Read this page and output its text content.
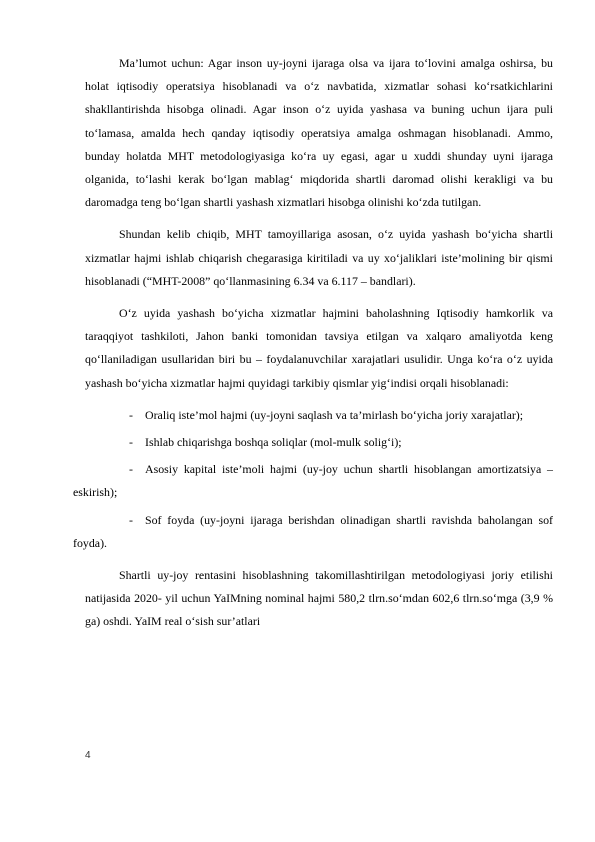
Ma’lumot uchun: Agar inson uy-joyni ijaraga olsa va ijara to‘lovini amalga oshirsa, bu holat iqtisodiy operatsiya hisoblanadi va o‘z navbatida, xizmatlar sohasi ko‘rsatkichlarini shakllantirishda hisobga olinadi. Agar inson o‘z uyida yashasa va buning uchun ijara puli to‘lamasa, amalda hech qanday iqtisodiy operatsiya amalga oshmagan hisoblanadi. Ammo, bunday holatda MHT metodologiyasiga ko‘ra uy egasi, agar u xuddi shunday uyni ijaraga olganida, to‘lashi kerak bo‘lgan mablag‘ miqdorida shartli daromad olishi kerakligi va bu daromadga teng bo‘lgan shartli yashash xizmatlari hisobga olinishi ko‘zda tutilgan.

Shundan kelib chiqib, MHT tamoyillariga asosan, o‘z uyida yashash bo‘yicha shartli xizmatlar hajmi ishlab chiqarish chegarasiga kiritiladi va uy xo‘jaliklari iste’molining bir qismi hisoblanadi (“MHT-2008” qo‘llanmasining 6.34 va 6.117 – bandlari).

O‘z uyida yashash bo‘yicha xizmatlar hajmini baholashning Iqtisodiy hamkorlik va taraqqiyot tashkiloti, Jahon banki tomonidan tavsiya etilgan va xalqaro amaliyotda keng qo‘llaniladigan usullaridan biri bu – foydalanuvchilar xarajatlari usulidir. Unga ko‘ra o‘z uyida yashash bo‘yicha xizmatlar hajmi quyidagi tarkibiy qismlar yig‘indisi orqali hisoblanadi:

- Oraliq iste’mol hajmi (uy-joyni saqlash va ta’mirlash bo‘yicha joriy xarajatlar);

- Ishlab chiqarishga boshqa soliqlar (mol-mulk solig‘i);

- Asosiy kapital iste’moli hajmi (uy-joy uchun shartli hisoblangan amortizatsiya – eskirish);

- Sof foyda (uy-joyni ijaraga berishdan olinadigan shartli ravishda baholangan sof foyda).

Shartli uy-joy rentasini hisoblashning takomillashtirilgan metodologiyasi joriy etilishi natijasida 2020- yil uchun YaIMning nominal hajmi 580,2 tlrn.so‘mdan 602,6 tlrn.so‘mga (3,9 % ga) oshdi. YaIM real o‘sish sur’atlari

4
